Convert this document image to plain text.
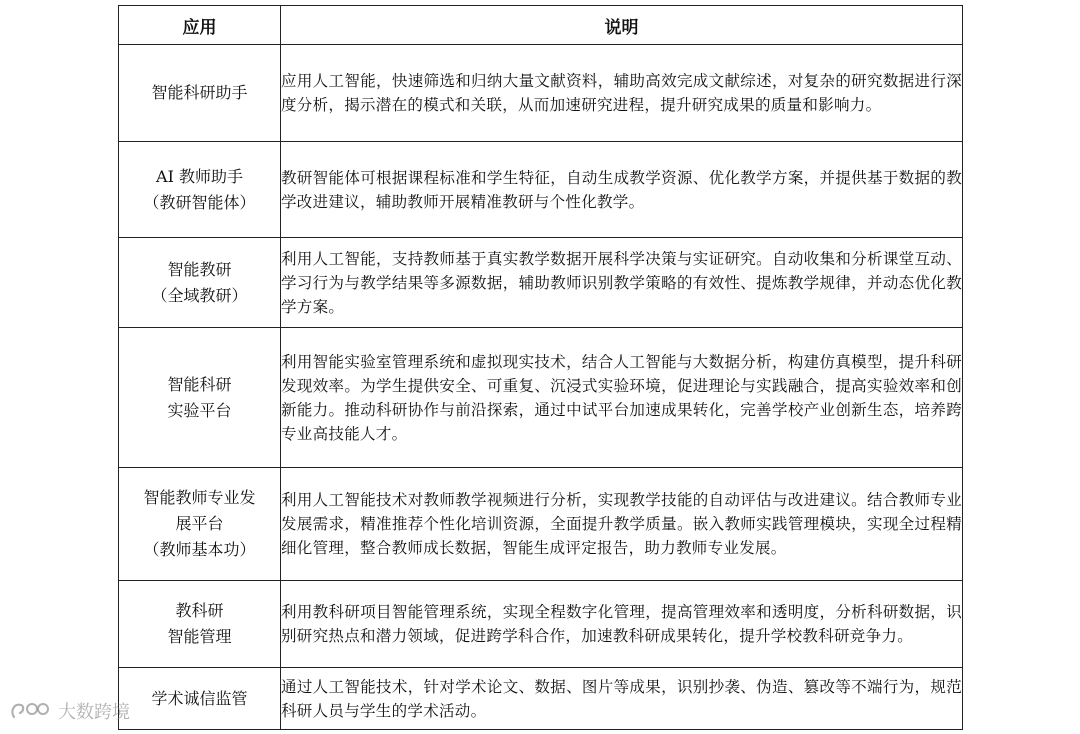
应用	说明

智能科研助手	应用人工智能，快速筛选和归纳大量文献资料，辅助高效完成文献综述，对复杂的研究数据进行深度分析，揭示潜在的模式和关联，从而加速研究进程，提升研究成果的质量和影响力。

AI 教师助手
（教研智能体）	教研智能体可根据课程标准和学生特征，自动生成教学资源、优化教学方案，并提供基于数据的教学改进建议，辅助教师开展精准教研与个性化教学。

智能教研
（全域教研）	利用人工智能，支持教师基于真实教学数据开展科学决策与实证研究。自动收集和分析课堂互动、学习行为与教学结果等多源数据，辅助教师识别教学策略的有效性、提炼教学规律，并动态优化教学方案。

智能科研
实验平台	利用智能实验室管理系统和虚拟现实技术，结合人工智能与大数据分析，构建仿真模型，提升科研发现效率。为学生提供安全、可重复、沉浸式实验环境，促进理论与实践融合，提高实验效率和创新能力。推动科研协作与前沿探索，通过中试平台加速成果转化，完善学校产业创新生态，培养跨专业高技能人才。

智能教师专业发
展平台
（教师基本功）	利用人工智能技术对教师教学视频进行分析，实现教学技能的自动评估与改进建议。结合教师专业发展需求，精准推荐个性化培训资源，全面提升教学质量。嵌入教师实践管理模块，实现全过程精细化管理，整合教师成长数据，智能生成评定报告，助力教师专业发展。

教科研
智能管理	利用教科研项目智能管理系统，实现全程数字化管理，提高管理效率和透明度，分析科研数据，识别研究热点和潜力领域，促进跨学科合作，加速教科研成果转化，提升学校教科研竞争力。

学术诚信监管	通过人工智能技术，针对学术论文、数据、图片等成果，识别抄袭、伪造、篡改等不端行为，规范科研人员与学生的学术活动。
大数跨境
